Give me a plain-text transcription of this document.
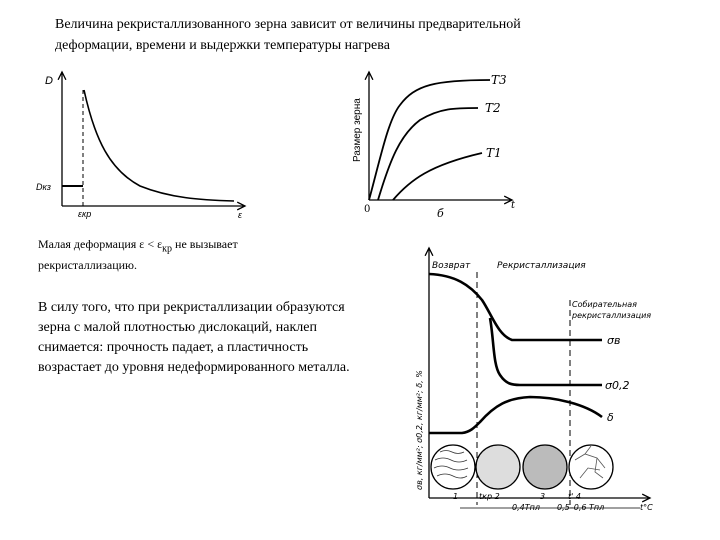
Величина рекристаллизованного зерна зависит от величины предварительной
деформации, времени и выдержки температуры нагрева
Малая деформация $\varepsilon < \varepsilon_{кр}$ не вызывает рекристаллизацию.
В силу того, что при рекристаллизации образуются зерна с малой плотностью дислокаций, наклеп снимается: прочность падает, а пластичность возрастает до уровня недеформированного металла.
D
Dкз
εкр	ε
T3
T2
T1
0	б
t
Размер зерна
Возврат	Рекристаллизация
Собирательная
рекристаллизация
σв
σ0,2
δ
σв, кг/мм²; σ0,2, кг/мм²; δ, %
1	tкр 2	3	t' 4
0,4Tпл 0,5–0,6 Tпл	t°C
